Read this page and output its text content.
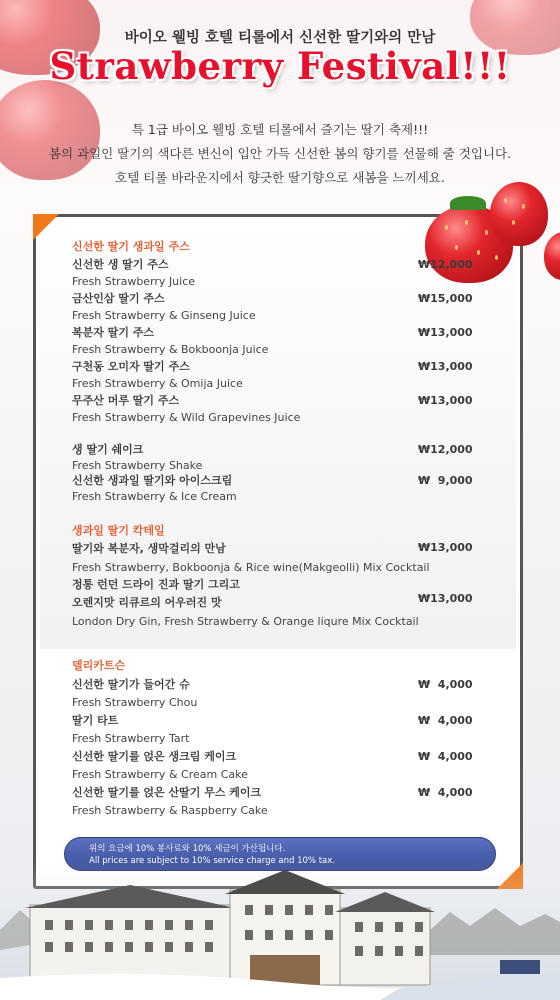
바이오 웰빙 호텔 티롤에서 신선한 딸기와의 만남
Strawberry Festival!!!
특 1급 바이오 웰빙 호텔 티롤에서 즐기는 딸기 축제!!!
봄의 과일인 딸기의 색다른 변신이 입안 가득 신선한 봄의 향기를 선물해 줄 것입니다.
호텔 티롤 바라운지에서 향긋한 딸기향으로 새봄을 느끼세요.
신선한 딸기 생과일 주스
신선한 생 딸기 주스
Fresh Strawberry Juice
₩12,000
금산인삼 딸기 주스
Fresh Strawberry & Ginseng Juice
₩15,000
복분자 딸기 주스
Fresh Strawberry & Bokboonja Juice
₩13,000
구천동 오미자 딸기 주스
Fresh Strawberry & Omija Juice
₩13,000
무주산 머루 딸기 주스
Fresh Strawberry & Wild Grapevines Juice
₩13,000
생 딸기 쉐이크
Fresh Strawberry Shake
₩12,000
신선한 생과일 딸기와 아이스크림
Fresh Strawberry & Ice Cream
₩  9,000
생과일 딸기 칵테일
딸기와 복분자, 생막걸리의 만남
Fresh Strawberry, Bokboonja & Rice wine(Makgeolli) Mix Cocktail
₩13,000
정통 런던 드라이 진과 딸기 그리고
오렌지맛 리큐르의 어우러진 맛
London Dry Gin, Fresh Strawberry & Orange liqure Mix Cocktail
₩13,000
델리카트슨
신선한 딸기가 들어간 슈
Fresh Strawberry Chou
₩  4,000
딸기 타트
Fresh Strawberry Tart
₩  4,000
신선한 딸기를 얹은 생크림 케이크
Fresh Strawberry & Cream Cake
₩  4,000
신선한 딸기를 얹은 산딸기 무스 케이크
Fresh Strawberry & Raspberry Cake
₩  4,000
위의 요금에 10% 봉사료와 10% 세금이 가산됩니다.
